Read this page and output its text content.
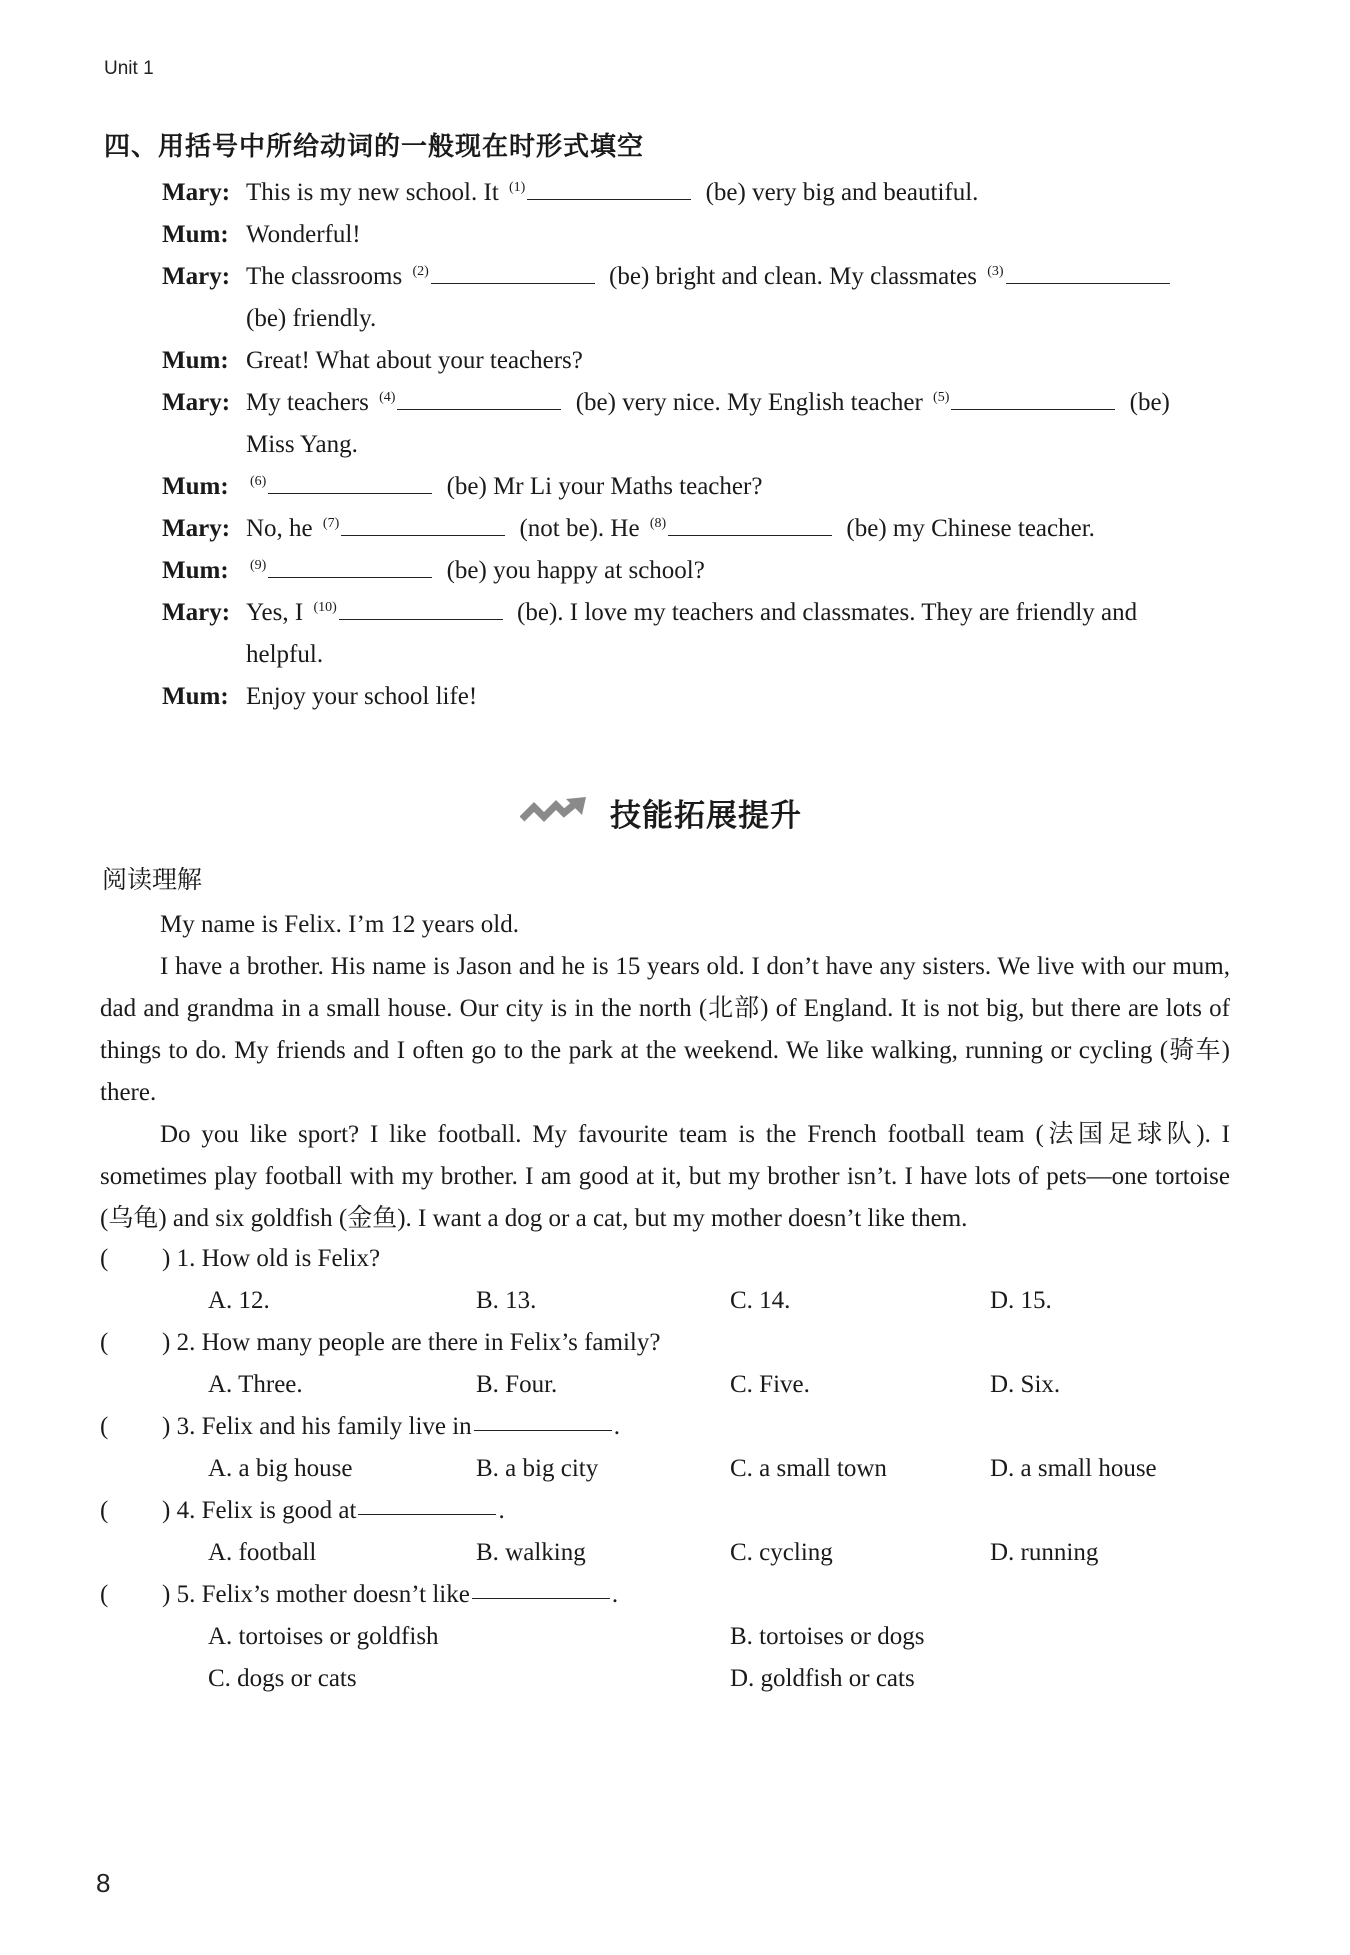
Unit 1
四、用括号中所给动词的一般现在时形式填空
Mary: This is my new school. It $^{(1)}$	(be) very big and beautiful.
Mum: Wonderful!
Mary: The classrooms $^{(2)}$	(be) bright and clean. My classmates $^{(3)}$
(be) friendly.
Mum: Great! What about your teachers?
Mary: My teachers $^{(4)}$	(be) very nice. My English teacher $^{(5)}$	(be)
Miss Yang.
Mum:	$^{(6)}$	(be) Mr Li your Maths teacher?
Mary: No, he $^{(7)}$	(not be). He $^{(8)}$	(be) my Chinese teacher.
Mum:	$^{(9)}$	(be) you happy at school?
Mary: Yes, I $^{(10)}$	(be). I love my teachers and classmates. They are friendly and
helpful.
Mum: Enjoy your school life!
技能拓展提升
阅读理解

My name is Felix. I’m 12 years old.

I have a brother. His name is Jason and he is 15 years old. I don’t have any sisters. We live with our mum, dad and grandma in a small house. Our city is in the north (北部) of England. It is not big, but there are lots of things to do. My friends and I often go to the park at the weekend. We like walking, running or cycling (骑车) there.

Do you like sport? I like football. My favourite team is the French football team (法国足球队). I sometimes play football with my brother. I am good at it, but my brother isn’t. I have lots of pets—one tortoise (乌龟) and six goldfish (金鱼). I want a dog or a cat, but my mother doesn’t like them.

(	) 1. How old is Felix?
A. 12.	B. 13.	C. 14.	D. 15.
(	) 2. How many people are there in Felix’s family?
A. Three.	B. Four.	C. Five.	D. Six.
(	) 3. Felix and his family live in	.
A. a big house	B. a big city	C. a small town	D. a small house
(	) 4. Felix is good at	.
A. football	B. walking	C. cycling	D. running
(	) 5. Felix’s mother doesn’t like	.
A. tortoises or goldfish	B. tortoises or dogs
C. dogs or cats	D. goldfish or cats
8
